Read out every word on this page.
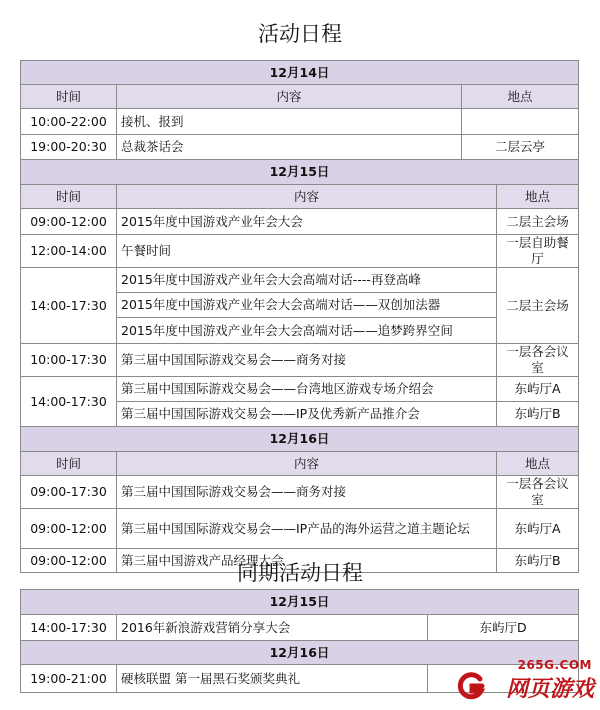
活动日程
12月14日		
时间	内容	地点
10:00-22:00	接机、报到	
19:00-20:30	总裁茶话会	二层云亭
12月15日		
时间	内容	地点
09:00-12:00	2015年度中国游戏产业年会大会	二层主会场
12:00-14:00	午餐时间	一层自助餐厅
14:00-17:30	2015年度中国游戏产业年会大会高端对话----再登高峰	二层主会场
	2015年度中国游戏产业年会大会高端对话——双创加法器	
	2015年度中国游戏产业年会大会高端对话——追梦跨界空间	
10:00-17:30	第三届中国国际游戏交易会——商务对接	一层各会议室
14:00-17:30	第三届中国国际游戏交易会——台湾地区游戏专场介绍会	东屿厅A
	第三届中国国际游戏交易会——IP及优秀新产品推介会	东屿厅B
12月16日		
时间	内容	地点
09:00-17:30	第三届中国国际游戏交易会——商务对接	一层各会议室
09:00-12:00	第三届中国国际游戏交易会——IP产品的海外运营之道主题论坛	东屿厅A
09:00-12:00	第三届中国游戏产品经理大会	东屿厅B
同期活动日程
12月15日		
14:00-17:30	2016年新浪游戏营销分享大会	东屿厅D
12月16日		
19:00-21:00	硬核联盟 第一届黑石奖颁奖典礼	
265G.COM
网页游戏
